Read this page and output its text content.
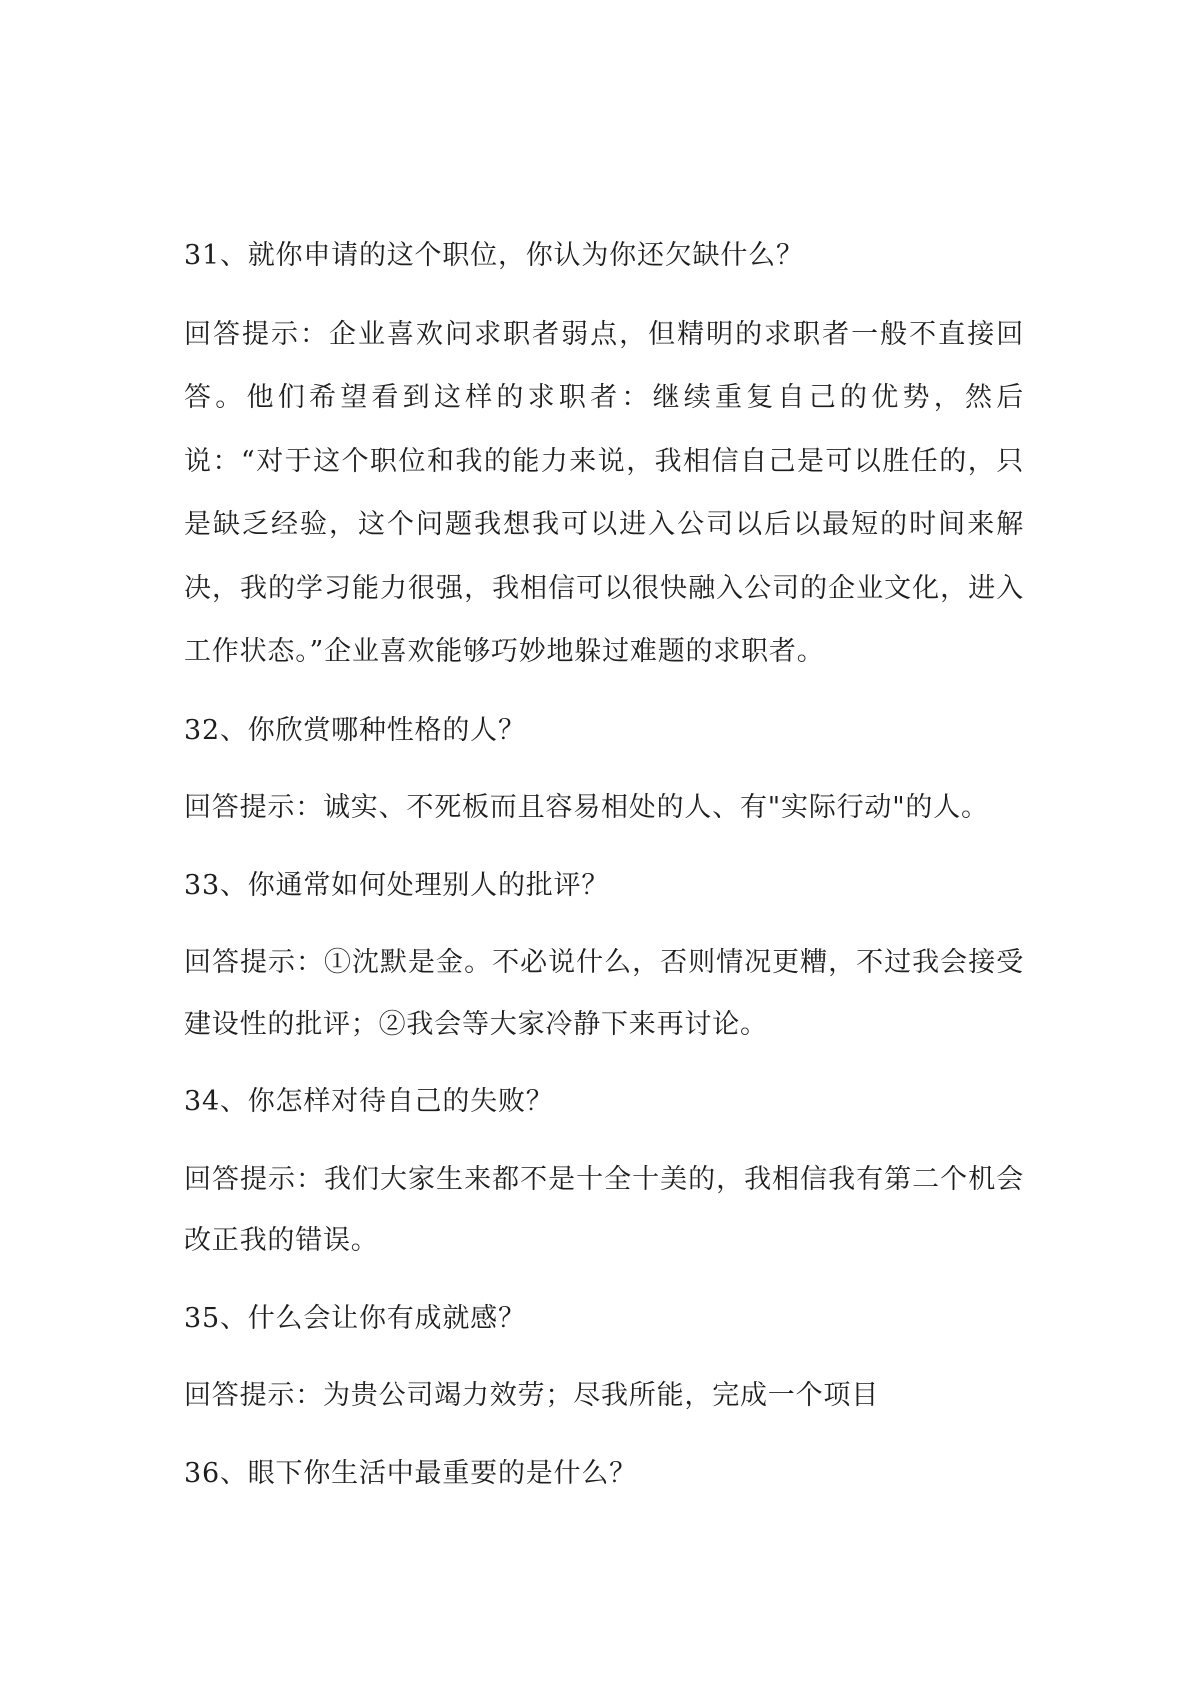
31、就你申请的这个职位，你认为你还欠缺什么？

回答提示：企业喜欢问求职者弱点，但精明的求职者一般不直接回答。他们希望看到这样的求职者：继续重复自己的优势，然后说：“对于这个职位和我的能力来说，我相信自己是可以胜任的，只是缺乏经验，这个问题我想我可以进入公司以后以最短的时间来解决，我的学习能力很强，我相信可以很快融入公司的企业文化，进入工作状态。”企业喜欢能够巧妙地躲过难题的求职者。

32、你欣赏哪种性格的人？

回答提示：诚实、不死板而且容易相处的人、有"实际行动"的人。

33、你通常如何处理别人的批评？

回答提示：①沈默是金。不必说什么，否则情况更糟，不过我会接受建设性的批评；②我会等大家冷静下来再讨论。

34、你怎样对待自己的失败？

回答提示：我们大家生来都不是十全十美的，我相信我有第二个机会改正我的错误。

35、什么会让你有成就感？

回答提示：为贵公司竭力效劳；尽我所能，完成一个项目

36、眼下你生活中最重要的是什么？
